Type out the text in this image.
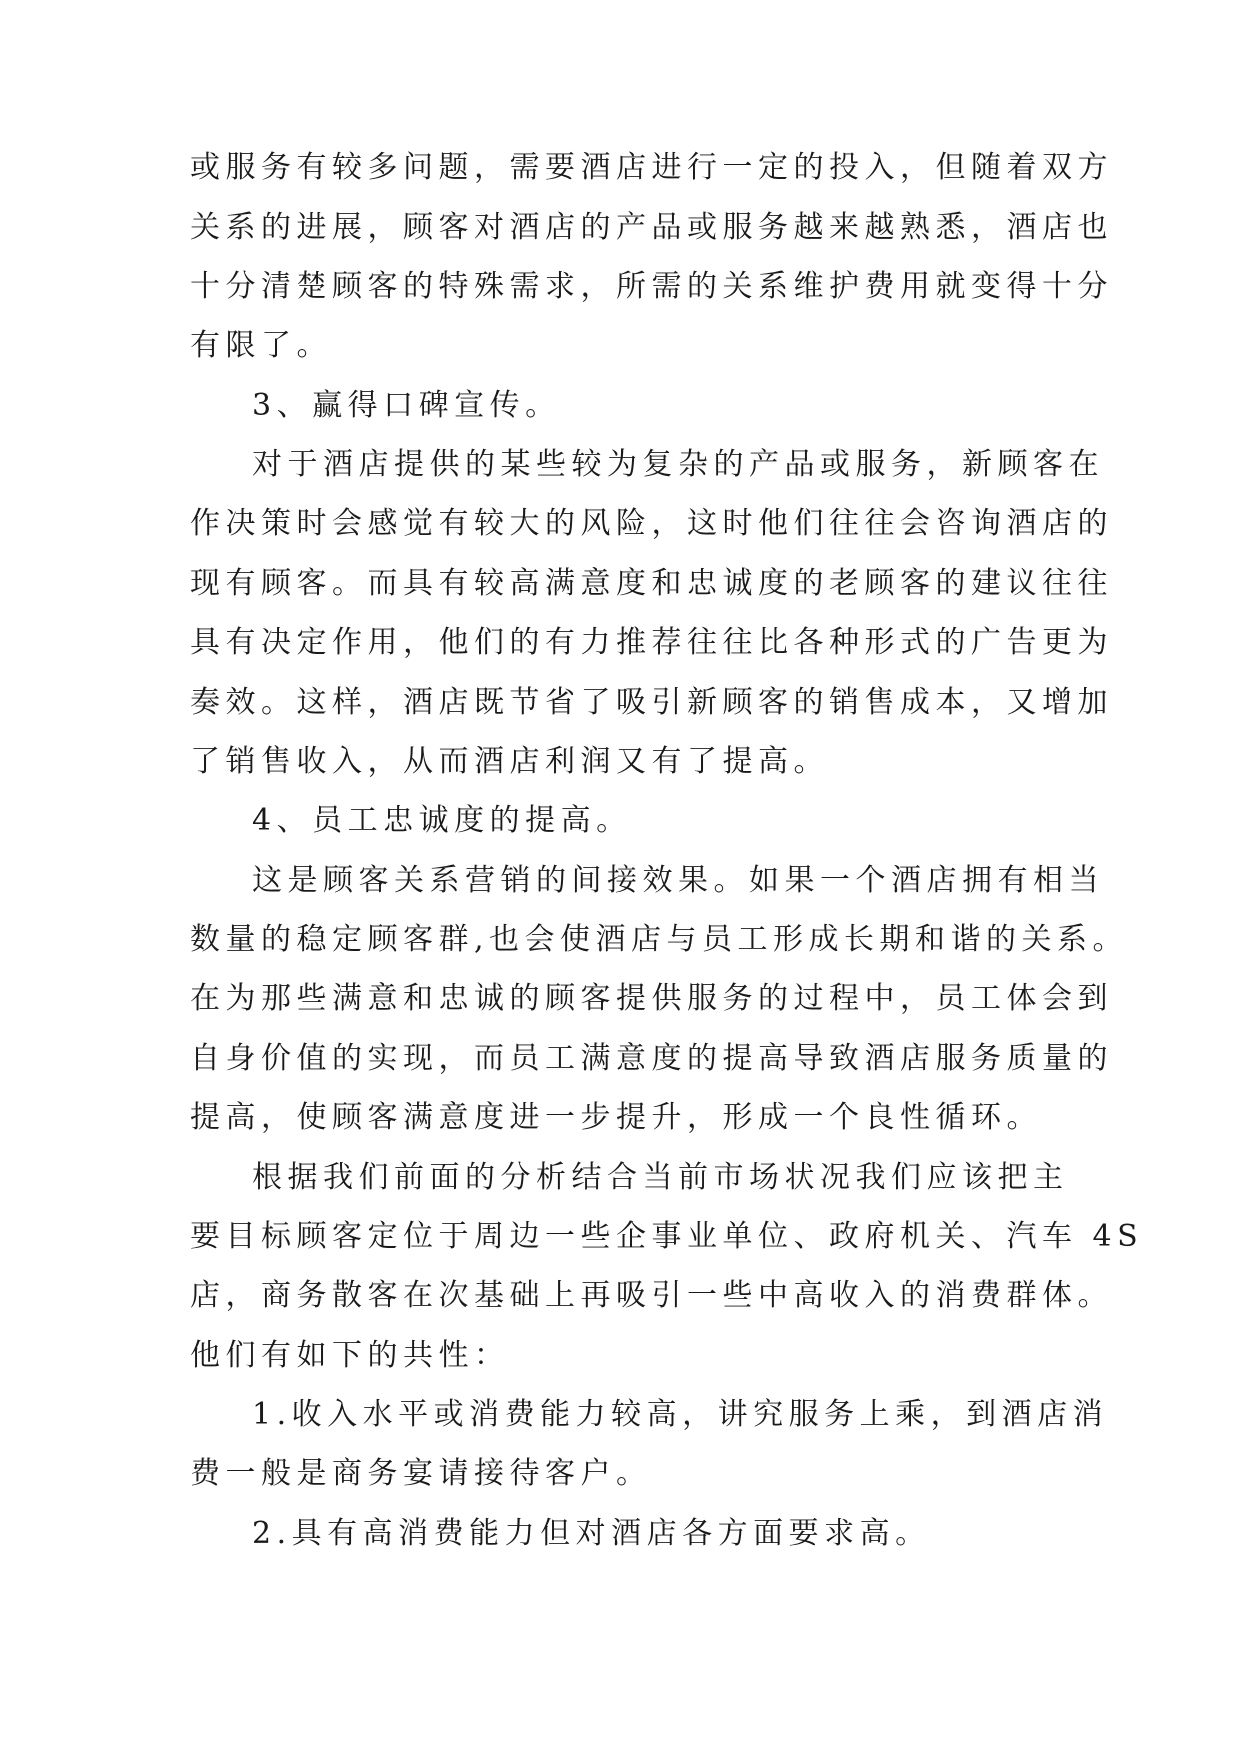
或服务有较多问题，需要酒店进行一定的投入，但随着双方
关系的进展，顾客对酒店的产品或服务越来越熟悉，酒店也
十分清楚顾客的特殊需求，所需的关系维护费用就变得十分
有限了。
3、赢得口碑宣传。
对于酒店提供的某些较为复杂的产品或服务，新顾客在
作决策时会感觉有较大的风险，这时他们往往会咨询酒店的
现有顾客。而具有较高满意度和忠诚度的老顾客的建议往往
具有决定作用，他们的有力推荐往往比各种形式的广告更为
奏效。这样，酒店既节省了吸引新顾客的销售成本，又增加
了销售收入，从而酒店利润又有了提高。
4、员工忠诚度的提高。
这是顾客关系营销的间接效果。如果一个酒店拥有相当
数量的稳定顾客群,也会使酒店与员工形成长期和谐的关系。
在为那些满意和忠诚的顾客提供服务的过程中，员工体会到
自身价值的实现，而员工满意度的提高导致酒店服务质量的
提高，使顾客满意度进一步提升，形成一个良性循环。
根据我们前面的分析结合当前市场状况我们应该把主
要目标顾客定位于周边一些企事业单位、政府机关、汽车 4S
店，商务散客在次基础上再吸引一些中高收入的消费群体。
他们有如下的共性：
1.收入水平或消费能力较高，讲究服务上乘，到酒店消
费一般是商务宴请接待客户。
2.具有高消费能力但对酒店各方面要求高。
